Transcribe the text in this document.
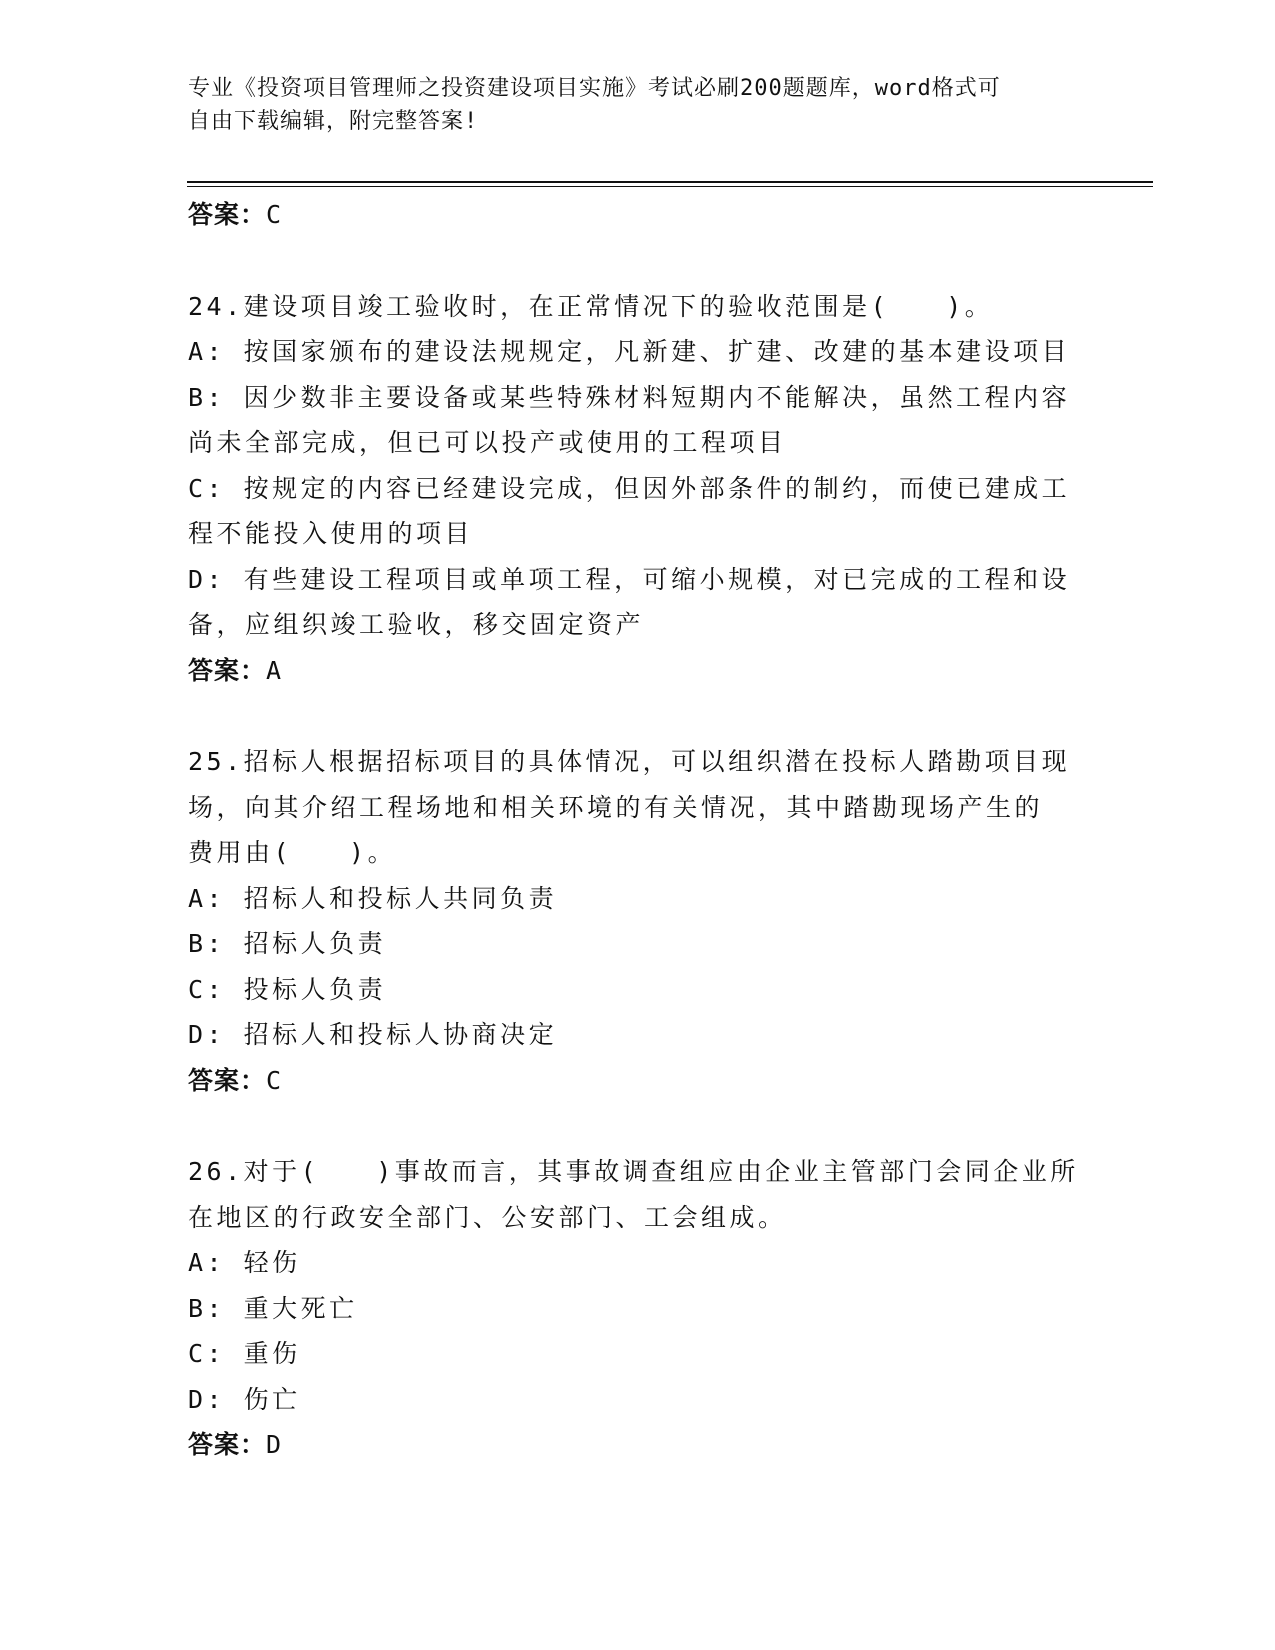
专业《投资项目管理师之投资建设项目实施》考试必刷200题题库，word格式可
自由下载编辑，附完整答案!
答案：C
24.建设项目竣工验收时，在正常情况下的验收范围是(　　)。
A: 按国家颁布的建设法规规定，凡新建、扩建、改建的基本建设项目
B: 因少数非主要设备或某些特殊材料短期内不能解决，虽然工程内容
尚未全部完成，但已可以投产或使用的工程项目
C: 按规定的内容已经建设完成，但因外部条件的制约，而使已建成工
程不能投入使用的项目
D: 有些建设工程项目或单项工程，可缩小规模，对已完成的工程和设
备，应组织竣工验收，移交固定资产
答案：A
25.招标人根据招标项目的具体情况，可以组织潜在投标人踏勘项目现
场，向其介绍工程场地和相关环境的有关情况，其中踏勘现场产生的
费用由(　　)。
A: 招标人和投标人共同负责
B: 招标人负责
C: 投标人负责
D: 招标人和投标人协商决定
答案：C
26.对于(　　)事故而言，其事故调查组应由企业主管部门会同企业所
在地区的行政安全部门、公安部门、工会组成。
A: 轻伤
B: 重大死亡
C: 重伤
D: 伤亡
答案：D
